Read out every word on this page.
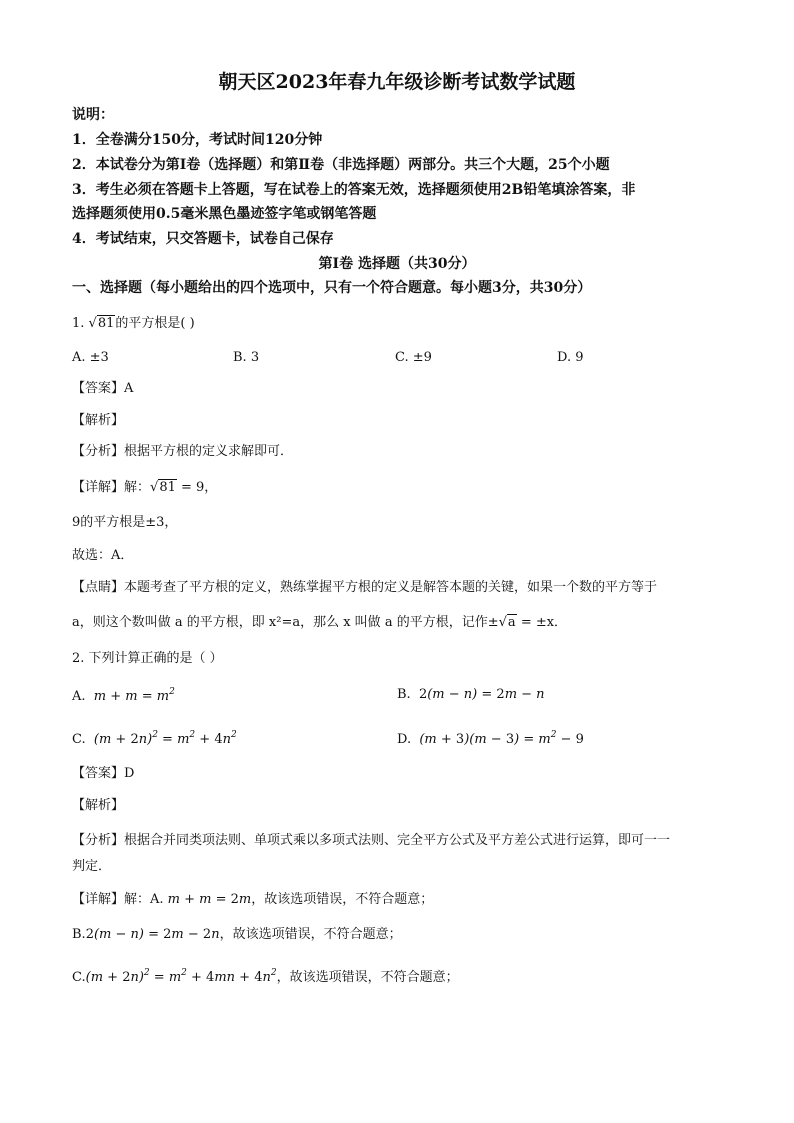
朝天区2023年春九年级诊断考试数学试题
说明：
1．全卷满分150分，考试时间120分钟
2．本试卷分为第Ⅰ卷（选择题）和第Ⅱ卷（非选择题）两部分。共三个大题，25个小题
3．考生必须在答题卡上答题，写在试卷上的答案无效，选择题须使用2B铅笔填涂答案，非
选择题须使用0.5毫米黑色墨迹签字笔或钢笔答题
4．考试结束，只交答题卡，试卷自己保存
第Ⅰ卷 选择题（共30分）
一、选择题（每小题给出的四个选项中，只有一个符合题意。每小题3分，共30分）
1. √81的平方根是( )
A. ±3	B. 3	C. ±9	D. 9
【答案】A
【解析】
【分析】根据平方根的定义求解即可．
【详解】解：√81 = 9，
9的平方根是±3，
故选：A．
【点睛】本题考查了平方根的定义，熟练掌握平方根的定义是解答本题的关键，如果一个数的平方等于
a，则这个数叫做 a 的平方根，即 x²=a，那么 x 叫做 a 的平方根，记作±√a = ±x．
2. 下列计算正确的是（ ）
A. $m + m = m^2$	B. 2(m − n) = 2m − n
C. $(m + 2n)^2 = m^2 + 4n^2$	D. $(m + 3)(m - 3) = m^2 - 9$
【答案】D
【解析】
【分析】根据合并同类项法则、单项式乘以多项式法则、完全平方公式及平方差公式进行运算，即可一一
判定．
【详解】解：A. m + m = 2m，故该选项错误，不符合题意；
B.2(m − n) = 2m − 2n，故该选项错误，不符合题意；
$C.(m + 2n)^2 = m^2 + 4mn + 4n^2$，故该选项错误，不符合题意；
